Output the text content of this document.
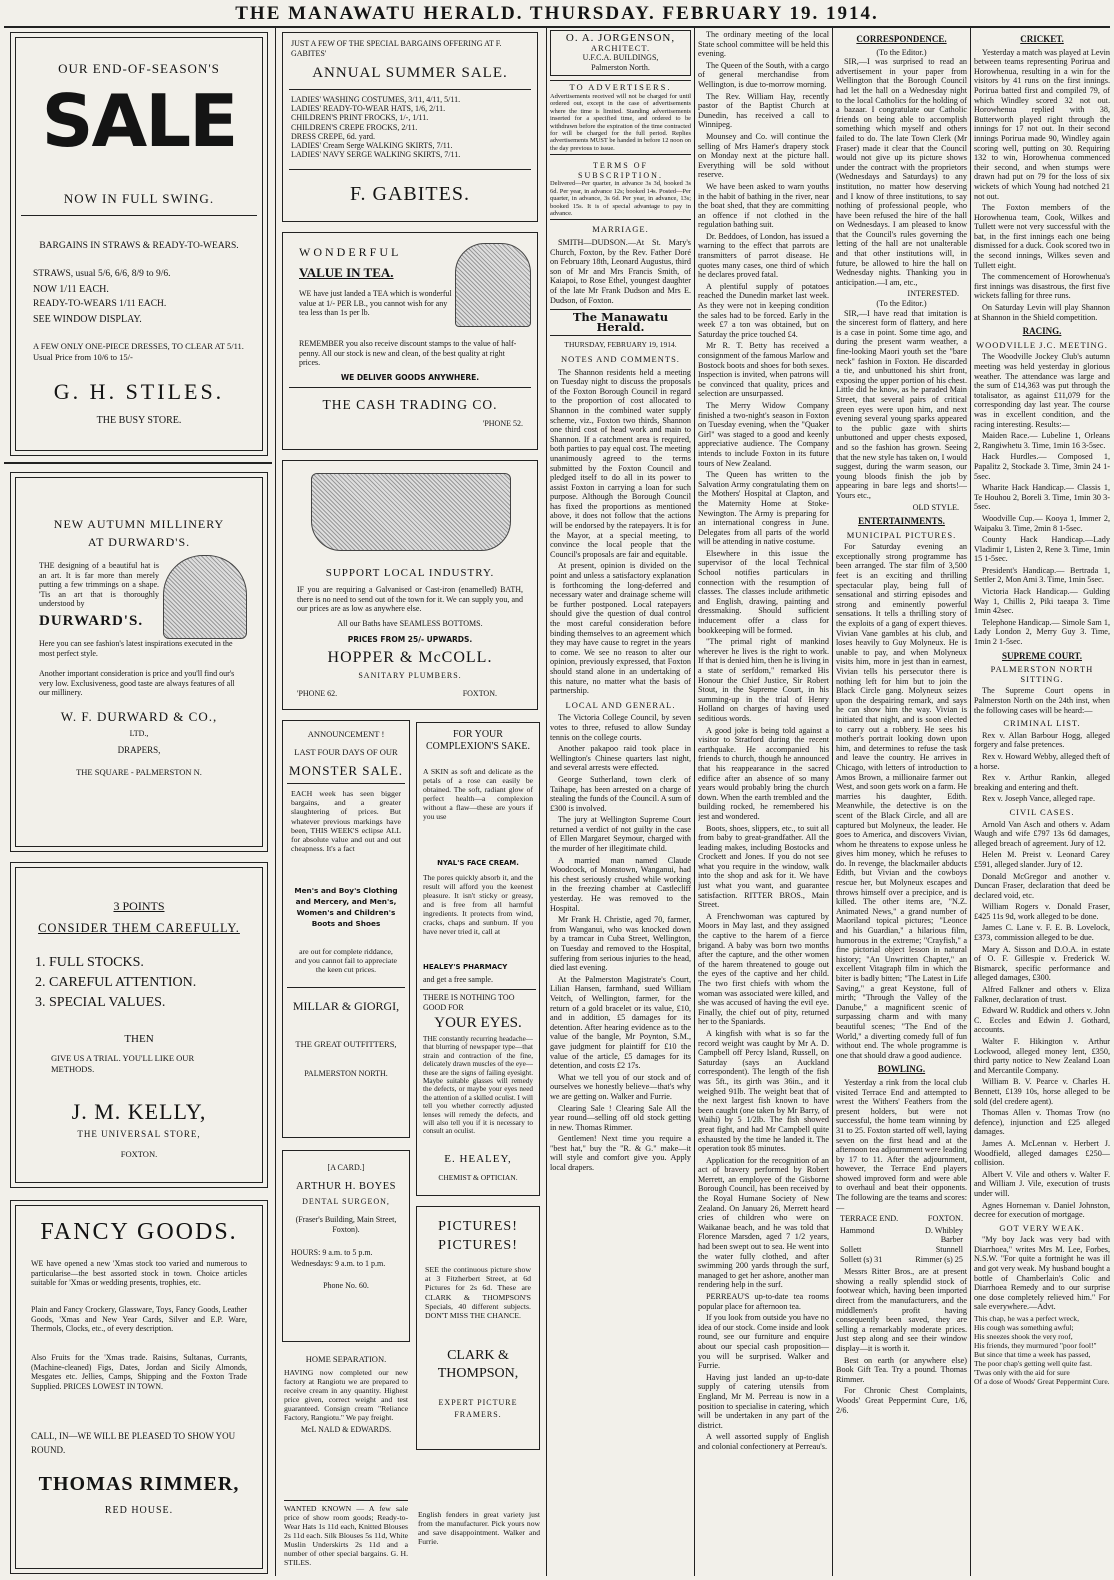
THE MANAWATU HERALD. THURSDAY. FEBRUARY 19. 1914.
OUR END-OF-SEASON'S
SALE
NOW IN FULL SWING.
BARGAINS IN STRAWS & READY-TO-WEARS.
STRAWS, usual 5/6, 6/6, 8/9 to 9/6.
NOW 1/11 EACH.
READY-TO-WEARS 1/11 EACH.
SEE WINDOW DISPLAY.
A FEW ONLY ONE-PIECE DRESSES, TO CLEAR AT 5/11. Usual Price from 10/6 to 15/-
G. H. STILES.
THE BUSY STORE.
NEW AUTUMN MILLINERY
AT DURWARD'S.
THE designing of a beautiful hat is an art. It is far more than merely putting a few trimmings on a shape. 'Tis an art that is thoroughly understood by
DURWARD'S.
Here you can see fashion's latest inspirations executed in the most perfect style.
Another important consideration is price and you'll find our's very low. Exclusiveness, good taste are always features of all our millinery.
W. F. DURWARD & CO.,
LTD.,
DRAPERS,
THE SQUARE - PALMERSTON N.
3 POINTS
CONSIDER THEM CAREFULLY.
1. FULL STOCKS.
2. CAREFUL ATTENTION.
3. SPECIAL VALUES.
THEN
GIVE US A TRIAL. YOU'LL LIKE OUR METHODS.
J. M. KELLY,
THE UNIVERSAL STORE,
FOXTON.
FANCY GOODS.
WE have opened a new 'Xmas stock too varied and numerous to particularise—the best assorted stock in town. Choice articles suitable for 'Xmas or wedding presents, trophies, etc.
Plain and Fancy Crockery, Glassware, Toys, Fancy Goods, Leather Goods, 'Xmas and New Year Cards, Silver and E.P. Ware, Thermols, Clocks, etc., of every description.
Also Fruits for the 'Xmas trade. Raisins, Sultanas, Currants, (Machine-cleaned) Figs, Dates, Jordan and Sicily Almonds, Mesgates etc. Jellies, Camps, Shipping and the Foxton Trade Supplied. PRICES LOWEST IN TOWN.
CALL, IN—WE WILL BE PLEASED TO SHOW YOU ROUND.
THOMAS RIMMER,
RED HOUSE.
JUST A FEW OF THE SPECIAL BARGAINS OFFERING AT F. GABITES'
ANNUAL SUMMER SALE.
LADIES' WASHING COSTUMES, 3/11, 4/11, 5/11.
LADIES' READY-TO-WEAR HATS, 1/6, 2/11.
CHILDREN'S PRINT FROCKS, 1/-, 1/11.
CHILDREN'S CREPE FROCKS, 2/11.
DRESS CREPE, 6d. yard.
LADIES' Cream Serge WALKING SKIRTS, 7/11.
LADIES' NAVY SERGE WALKING SKIRTS, 7/11.
F. GABITES.
WONDERFUL
VALUE IN TEA.
WE have just landed a TEA which is wonderful value at 1/- PER LB., you cannot wish for any tea less than 1s per lb.
REMEMBER you also receive discount stamps to the value of half-penny. All our stock is new and clean, of the best quality at right prices.
WE DELIVER GOODS ANYWHERE.
THE CASH TRADING CO.
'PHONE 52.
SUPPORT LOCAL INDUSTRY.
IF you are requiring a Galvanised or Cast-iron (enamelled) BATH, there is no need to send out of the town for it. We can supply you, and our prices are as low as anywhere else.
All our Baths have SEAMLESS BOTTOMS.
PRICES FROM 25/- UPWARDS.
HOPPER & McCOLL.
SANITARY PLUMBERS.
'PHONE 62.	FOXTON.
ANNOUNCEMENT !
LAST FOUR DAYS OF OUR
MONSTER SALE.
EACH week has seen bigger bargains, and a greater slaughtering of prices. But whatever previous markings have been, THIS WEEK'S eclipse ALL for absolute value and out and out cheapness. It's a fact
Men's and Boy's Clothing and Mercery, and Men's, Women's and Children's Boots and Shoes
are out for complete riddance, and you cannot fail to appreciate the keen cut prices.
MILLAR & GIORGI,
THE GREAT OUTFITTERS,
PALMERSTON NORTH.
FOR YOUR COMPLEXION'S SAKE.
A SKIN as soft and delicate as the petals of a rose can easily be obtained. The soft, radiant glow of perfect health—a complexion without a flaw—these are yours if you use
NYAL'S FACE CREAM.
The pores quickly absorb it, and the result will afford you the keenest pleasure. It isn't sticky or greasy, and is free from all harmful ingredients. It protects from wind, cracks, chaps and sunburn. If you have never tried it, call at
HEALEY'S PHARMACY
and get a free sample.
THERE IS NOTHING TOO GOOD FOR
YOUR EYES.
THE constantly recurring headache—that blurring of newspaper type—that strain and contraction of the fine, delicately drawn muscles of the eye—these are the signs of failing eyesight. Maybe suitable glasses will remedy the defects, or maybe your eyes need the attention of a skilled oculist. I will tell you whether correctly adjusted lenses will remedy the defects, and will also tell you if it is necessary to consult an oculist.
E. HEALEY,
CHEMIST & OPTICIAN.
[A CARD.]
ARTHUR H. BOYES
DENTAL SURGEON,
(Fraser's Building, Main Street, Foxton).
HOURS: 9 a.m. to 5 p.m. Wednesdays: 9 a.m. to 1 p.m.
Phone No. 60.
HOME SEPARATION.
HAVING now completed our new factory at Rangiotu we are prepared to receive cream in any quantity. Highest price given, correct weight and test guaranteed. Consign cream "Reliance Factory, Rangiotu." We pay freight.
McL NALD & EDWARDS.
WANTED KNOWN — A few sale price of show room goods; Ready-to-Wear Hats 1s 11d each, Knitted Blouses 2s 11d each. Silk Blouses 5s 11d, White Muslin Underskirts 2s 11d and a number of other special bargains. G. H. STILES.
PICTURES! PICTURES!
SEE the continuous picture show at 3 Fitzherbert Street, at 6d Pictures for 2s 6d. These are CLARK & THOMPSON'S Specials, 40 different subjects. DON'T MISS THE CHANCE.
CLARK & THOMPSON,
EXPERT PICTURE FRAMERS.
English fenders in great variety just from the manufacturer. Pick yours now and save disappointment. Walker and Furrie.
O. A. JORGENSON,
ARCHITECT.
U.F.C.A. BUILDINGS,
Palmerston North.
TO ADVERTISERS.
Advertisements received will not be charged for until ordered out, except in the case of advertisements where the time is limited. Standing advertisements inserted for a specified time, and ordered to be withdrawn before the expiration of the time contracted for will be charged for the full period. Replies advertisements MUST be handed in before 12 noon on the day previous to issue.
TERMS OF SUBSCRIPTION.
Delivered—Per quarter, in advance 3s 3d, booked 3s 6d. Per year, in advance 12s; booked 14s. Posted—Per quarter, in advance, 3s 6d. Per year, in advance, 13s; booked 15s. It is of special advantage to pay in advance.
MARRIAGE.

SMITH—DUDSON.—At St. Mary's Church, Foxton, by the Rev. Father Doré on February 18th, Leonard Augustus, third son of Mr and Mrs Francis Smith, of Kaiapoi, to Rose Ethel, youngest daughter of the late Mr Frank Dudson and Mrs E. Dudson, of Foxton.

The Manawatu Herald.
THURSDAY, FEBRUARY 19, 1914.
NOTES AND COMMENTS.

The Shannon residents held a meeting on Tuesday night to discuss the proposals of the Foxton Borough Council in regard to the proportion of cost allocated to Shannon in the combined water supply scheme, viz., Foxton two thirds, Shannon one third cost of head work and main to Shannon. If a catchment area is required, both parties to pay equal cost. The meeting unanimously agreed to the terms submitted by the Foxton Council and pledged itself to do all in its power to assist Foxton in carrying a loan for such purpose. Although the Borough Council has fixed the proportions as mentioned above, it does not follow that the actions will be endorsed by the ratepayers. It is for the Mayor, at a special meeting, to convince the local people that the Council's proposals are fair and equitable.

At present, opinion is divided on the point and unless a satisfactory explanation is forthcoming the long-deferred and necessary water and drainage scheme will be further postponed. Local ratepayers should give the question of dual control the most careful consideration before binding themselves to an agreement which they may have cause to regret in the years to come. We see no reason to alter our opinion, previously expressed, that Foxton should stand alone in an undertaking of this nature, no matter what the basis of partnership.

LOCAL AND GENERAL.

The Victoria College Council, by seven votes to three, refused to allow Sunday tennis on the college courts.

Another pakapoo raid took place in Wellington's Chinese quarters last night, and several arrests were effected.

George Sutherland, town clerk of Taihape, has been arrested on a charge of stealing the funds of the Council. A sum of £300 is involved.

The jury at Wellington Supreme Court returned a verdict of not guilty in the case of Ellen Margaret Seymour, charged with the murder of her illegitimate child.

A married man named Claude Woodcock, of Monstown, Wanganui, had his chest seriously crushed while working in the freezing chamber at Castlecliff yesterday. He was removed to the Hospital.

Mr Frank H. Christie, aged 70, farmer, from Wanganui, who was knocked down by a tramcar in Cuba Street, Wellington, on Tuesday and removed to the Hospital, suffering from serious injuries to the head, died last evening.

At the Palmerston Magistrate's Court, Lilian Hansen, farmhand, sued William Veitch, of Wellington, farmer, for the return of a gold bracelet or its value, £10, and in addition, £5 damages for its detention. After hearing evidence as to the value of the bangle, Mr Poynton, S.M., gave judgment for plaintiff for £10 the value of the article, £5 damages for its detention, and costs £2 17s.

What we tell you of our stock and of ourselves we honestly believe—that's why we are getting on. Walker and Furrie.

Clearing Sale ! Clearing Sale All the year round—selling off old stock getting in new. Thomas Rimmer.

Gentlemen! Next time you require a "best hat," buy the "R. & G." make—it will style and comfort give you. Apply local drapers.

The ordinary meeting of the local State school committee will be held this evening.

The Queen of the South, with a cargo of general merchandise from Wellington, is due to-morrow morning.

The Rev. William Hay, recently pastor of the Baptist Church at Dunedin, has received a call to Winnipeg.

Mounsey and Co. will continue the selling of Mrs Hamer's drapery stock on Monday next at the picture hall. Everything will be sold without reserve.

We have been asked to warn youths in the habit of bathing in the river, near the boat shed, that they are committing an offence if not clothed in the regulation bathing suit.

Dr. Beddoes, of London, has issued a warning to the effect that parrots are transmitters of parrot disease. He quotes many cases, one third of which he declares proved fatal.

A plentiful supply of potatoes reached the Dunedin market last week. As they were not in keeping condition the sales had to be forced. Early in the week £7 a ton was obtained, but on Saturday the price touched £4.

Mr R. T. Betty has received a consignment of the famous Marlow and Bostock boots and shoes for both sexes. Inspection is invited, when patrons will be convinced that quality, prices and selection are unsurpassed.

The Merry Widow Company finished a two-night's season in Foxton on Tuesday evening, when the "Quaker Girl" was staged to a good and keenly appreciative audience. The Company intends to include Foxton in its future tours of New Zealand.

The Queen has written to the Salvation Army congratulating them on the Mothers' Hospital at Clapton, and the Maternity Home at Stoke-Newington. The Army is preparing for an international congress in June. Delegates from all parts of the world will be attending in native costume.

Elsewhere in this issue the supervisor of the local Technical School notifies particulars in connection with the resumption of classes. The classes include arithmetic and English, drawing, painting and dressmaking. Should sufficient inducement offer a class for bookkeeping will be formed.

"The primal right of mankind wherever he lives is the right to work. If that is denied him, then he is living in a state of serfdom," remarked His Honour the Chief Justice, Sir Robert Stout, in the Supreme Court, in his summing-up in the trial of Henry Holland on charges of having used seditious words.

A good joke is being told against a visitor to Stratford during the recent earthquake. He accompanied his friends to church, though he announced that his reappearance in the sacred edifice after an absence of so many years would probably bring the church down. When the earth trembled and the building rocked, he remembered his jest and wondered.

Boots, shoes, slippers, etc., to suit all from baby to great-grandfather. All the leading makes, including Bostocks and Crockett and Jones. If you do not see what you require in the window, walk into the shop and ask for it. We have just what you want, and guarantee satisfaction. RITTER BROS., Main Street.

A Frenchwoman was captured by Moors in May last, and they assigned the captive to the harem of a fierce brigand. A baby was born two months after the capture, and the other women of the harem threatened to gouge out the eyes of the captive and her child. The two first chiefs with whom the woman was associated were killed, and she was accused of having the evil eye. Finally, the chief out of pity, returned her to the Spaniards.

A kingfish with what is so far the record weight was caught by Mr A. D. Campbell off Percy Island, Russell, on Saturday (says an Auckland correspondent). The length of the fish was 5ft., its girth was 36in., and it weighed 91lb. The weight beat that of the next largest fish known to have been caught (one taken by Mr Barry, of Waihi) by 5 1/2lb. The fish showed great fight, and had Mr Campbell quite exhausted by the time he landed it. The operation took 85 minutes.

Application for the recognition of an act of bravery performed by Robert Merrett, an employee of the Gisborne Borough Council, has been received by the Royal Humane Society of New Zealand. On January 26, Merrett heard cries of children who were on Waikanae beach, and he was told that Florence Marsden, aged 7 1/2 years, had been swept out to sea. He went into the water fully clothed, and after swimming 200 yards through the surf, managed to get her ashore, another man rendering help in the surf.

PERREAU'S up-to-date tea rooms popular place for afternoon tea.

If you look from outside you have no idea of our stock. Come inside and look round, see our furniture and enquire about our special cash proposition—you will be surprised. Walker and Furrie.

Having just landed an up-to-date supply of catering utensils from England, Mr M. Perreau is now in a position to specialise in catering, which will be undertaken in any part of the district.

A well assorted supply of English and colonial confectionery at Perreau's.

CORRESPONDENCE.
(To the Editor.)

SIR,—I was surprised to read an advertisement in your paper from Wellington that the Borough Council had let the hall on a Wednesday night to the local Catholics for the holding of a bazaar. I congratulate our Catholic friends on being able to accomplish something which myself and others failed to do. The late Town Clerk (Mr Fraser) made it clear that the Council would not give up its picture shows under the contract with the proprietors (Wednesdays and Saturdays) to any institution, no matter how deserving and I know of three institutions, to say nothing of professional people, who have been refused the hire of the hall on Wednesdays. I am pleased to know that the Council's rules governing the letting of the hall are not unalterable and that other institutions will, in future, be allowed to hire the hall on Wednesday nights. Thanking you in anticipation.—I am, etc.,

INTERESTED.
(To the Editor.)

SIR,—I have read that imitation is the sincerest form of flattery, and here is a case in point. Some time ago, and during the present warm weather, a fine-looking Maori youth set the "bare neck" fashion in Foxton. He discarded a tie, and unbuttoned his shirt front, exposing the upper portion of his chest. Little did he know, as he paraded Main Street, that several pairs of critical green eyes were upon him, and next evening several young sparks appeared to the public gaze with shirts unbuttoned and upper chests exposed, and so the fashion has grown. Seeing that the new style has taken on, I would suggest, during the warm season, our young bloods finish the job by appearing in bare legs and shorts!—Yours etc.,

OLD STYLE.
ENTERTAINMENTS.
MUNICIPAL PICTURES.

For Saturday evening an exceptionally strong programme has been arranged. The star film of 3,500 feet is an exciting and thrilling spectacular play, being full of sensational and stirring episodes and strong and eminently powerful sensations. It tells a thrilling story of the exploits of a gang of expert thieves. Vivian Vane gambles at his club, and loses heavily to Guy Molyneux. He is unable to pay, and when Molyneux visits him, more in jest than in earnest, Vivian tells his persecutor there is nothing left for him but to join the Black Circle gang. Molyneux seizes upon the despairing remark, and says he can show him the way. Vivian is initiated that night, and is soon elected to carry out a robbery. He sees his mother's portrait looking down upon him, and determines to refuse the task and leave the country. He arrives in Chicago, with letters of introduction to Amos Brown, a millionaire farmer out West, and soon gets work on a farm. He marries his daughter, Edith. Meanwhile, the detective is on the scent of the Black Circle, and all are captured but Molyneux, the leader. He goes to America, and discovers Vivian, whom he threatens to expose unless he gives him money, which he refuses to do. In revenge, the blackmailer abducts Edith, but Vivian and the cowboys rescue her, but Molyneux escapes and throws himself over a precipice, and is killed. The other items are, "N.Z. Animated News," a grand number of Maoriland topical pictures; "Leonce and his Guardian," a hilarious film, humorous in the extreme; "Crayfish," a fine pictorial object lesson in natural history; "An Unwritten Chapter," an excellent Vitagraph film in which the biter is badly bitten; "The Latest in Life Saving," a great Keystone, full of mirth; "Through the Valley of the Danube," a magnificent scenic of surpassing charm and with many beautiful scenes; "The End of the World," a diverting comedy full of fun without end. The whole programme is one that should draw a good audience.

BOWLING.

Yesterday a rink from the local club visited Terrace End and attempted to wrest the Withers' Feathers from the present holders, but were not successful, the home team winning by 31 to 25. Foxton started off well, laying seven on the first head and at the afternoon tea adjournment were leading by 17 to 11. After the adjournment, however, the Terrace End players showed improved form and were able to overhaul and beat their opponents. The following are the teams and scores:—

TERRACE END.	FOXTON.
Hammond	D. Whibley
Barber
Sollett	Stunnell
Sollett (s) 31	Rimmer (s) 25

Messrs Ritter Bros., are at present showing a really splendid stock of footwear which, having been imported direct from the manufacturers, and the middlemen's profit having consequently been saved, they are selling a remarkably moderate prices. Just step along and see their window display—it is worth it.

Best on earth (or anywhere else) Book Gift Tea. Try a pound. Thomas Rimmer.

For Chronic Chest Complaints, Woods' Great Peppermint Cure, 1/6, 2/6.

CRICKET.

Yesterday a match was played at Levin between teams representing Porirua and Horowhenua, resulting in a win for the visitors by 41 runs on the first innings. Porirua batted first and compiled 79, of which Windley scored 32 not out. Horowhenua replied with 38, Butterworth played right through the innings for 17 not out. In their second innings Porirua made 90, Windley again scoring well, putting on 30. Requiring 132 to win, Horowhenua commenced their second, and when stumps were drawn had put on 79 for the loss of six wickets of which Young had notched 21 not out.

The Foxton members of the Horowhenua team, Cook, Wilkes and Tullett were not very successful with the bat, in the first innings each one being dismissed for a duck. Cook scored two in the second innings, Wilkes seven and Tullett eight.

The commencement of Horowhenua's first innings was disastrous, the first five wickets falling for three runs.

On Saturday Levin will play Shannon at Shannon in the Shield competition.

RACING.
WOODVILLE J.C. MEETING.

The Woodville Jockey Club's autumn meeting was held yesterday in glorious weather. The attendance was large and the sum of £14,363 was put through the totalisator, as against £11,079 for the corresponding day last year. The course was in excellent condition, and the racing interesting. Results:—

Maiden Race.— Lubeline 1, Orleans 2, Rangiwhetu 3. Time, 1min 16 3-5sec.

Hack Hurdles.— Composed 1, Papalitz 2, Stockade 3. Time, 3min 24 1-5sec.

Wharite Hack Handicap.— Classis 1, Te Houhou 2, Boreli 3. Time, 1min 30 3-5sec.

Woodville Cup.— Kooya 1, Immer 2, Waipaku 3. Time, 2min 8 1-5sec.

County Hack Handicap.—Lady Vladimir 1, Listen 2, Rene 3. Time, 1min 15 1-5sec.

President's Handicap.— Bertrada 1, Settler 2, Mon Ami 3. Time, 1min 5sec.

Victoria Hack Handicap.— Gulding Way 1, Chillis 2, Piki taeapa 3. Time 1min 42sec.

Telephone Handicap.— Simole Sam 1, Lady London 2, Merry Guy 3. Time, 1min 2 1-5sec.

SUPREME COURT.
PALMERSTON NORTH SITTING.

The Supreme Court opens in Palmerston North on the 24th inst, when the following cases will be heard:—

CRIMINAL LIST.

Rex v. Allan Barbour Hogg, alleged forgery and false pretences.

Rex v. Howard Webby, alleged theft of a horse.

Rex v. Arthur Rankin, alleged breaking and entering and theft.

Rex v. Joseph Vance, alleged rape.

CIVIL CASES.

Arnold Van Asch and others v. Adam Waugh and wife £797 13s 6d damages, alleged breach of agreement. Jury of 12.

Helen M. Preist v. Leonard Carey £591, alleged slander. Jury of 12.

Donald McGregor and another v. Duncan Fraser, declaration that deed be declared void, etc.

William Rogers v. Donald Fraser, £425 11s 9d, work alleged to be done.

James C. Lane v. F. E. B. Lovelock, £373, commission alleged to be due.

Mary A. Sisson and D.O.A. in estate of O. F. Gillespie v. Frederick W. Bismarck, specific performance and alleged damages, £300.

Alfred Falkner and others v. Eliza Falkner, declaration of trust.

Edward W. Ruddick and others v. John C. Eccles and Edwin J. Gothard, accounts.

Walter F. Hikington v. Arthur Lockwood, alleged money lent, £350, third party notice to New Zealand Loan and Mercantile Company.

William B. V. Pearce v. Charles H. Bennett, £139 10s, horse alleged to be sold (del credere agent).

Thomas Allen v. Thomas Trow (no defence), injunction and £25 alleged damages.

James A. McLennan v. Herbert J. Woodfield, alleged damages £250—collision.

Albert V. Vile and others v. Walter F. and William J. Vile, execution of trusts under will.

Agnes Horneman v. Daniel Johnston, decree for execution of mortgage.

GOT VERY WEAK.

"My boy Jack was very bad with Diarrhoea," writes Mrs M. Lee, Forbes, N.S.W. "For quite a fortnight he was ill and got very weak. My husband bought a bottle of Chamberlain's Colic and Diarrhoea Remedy and to our surprise one dose completely relieved him." For sale everywhere.—Advt.

This chap, he was a perfect wreck,
His cough was something awful;
His sneezes shook the very roof,
His friends, they murmured "poor fool!"
But since that time a week has passed,
The poor chap's getting well quite fast.
'Twas only with the aid for sure
Of a dose of Woods' Great Peppermint Cure.
